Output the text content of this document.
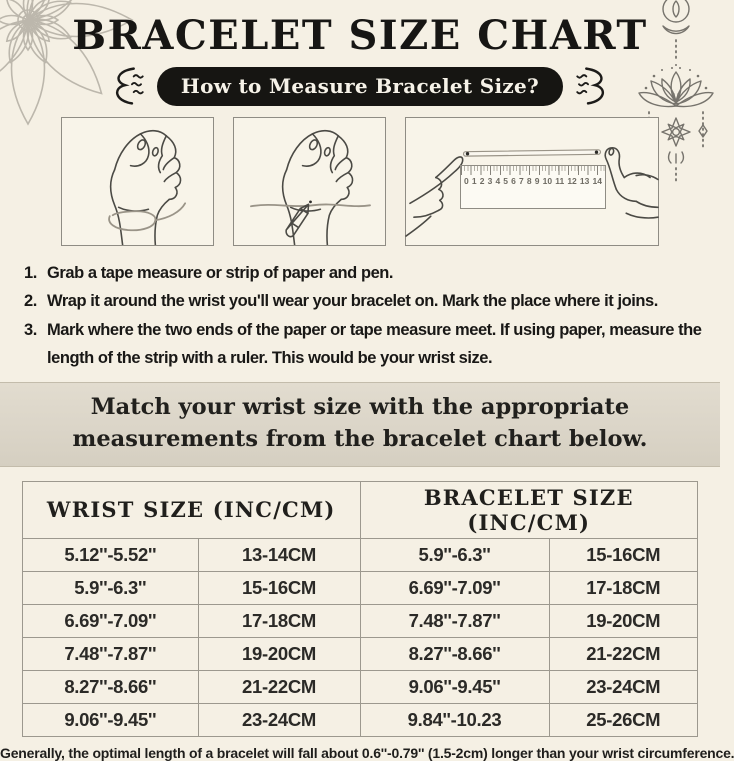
BRACELET SIZE CHART
How to Measure Bracelet Size?
0 1 2 3 4 5 6 7 8 9 10 11 12 13 14
1. Grab a tape measure or strip of paper and pen.
2. Wrap it around the wrist you'll wear your bracelet on. Mark the place where it joins.
3. Mark where the two ends of the paper or tape measure meet. If using paper, measure the length of the strip with a ruler. This would be your wrist size.
Match your wrist size with the appropriate measurements from the bracelet chart below.
WRIST SIZE (INC/CM)		BRACELET SIZE (INC/CM)	
5.12''-5.52''	13-14CM	5.9''-6.3''	15-16CM
5.9''-6.3''	15-16CM	6.69''-7.09''	17-18CM
6.69''-7.09''	17-18CM	7.48''-7.87''	19-20CM
7.48''-7.87''	19-20CM	8.27''-8.66''	21-22CM
8.27''-8.66''	21-22CM	9.06''-9.45''	23-24CM
9.06''-9.45''	23-24CM	9.84''-10.23	25-26CM

Generally, the optimal length of a bracelet will fall about 0.6''-0.79'' (1.5-2cm) longer than your wrist circumference.
